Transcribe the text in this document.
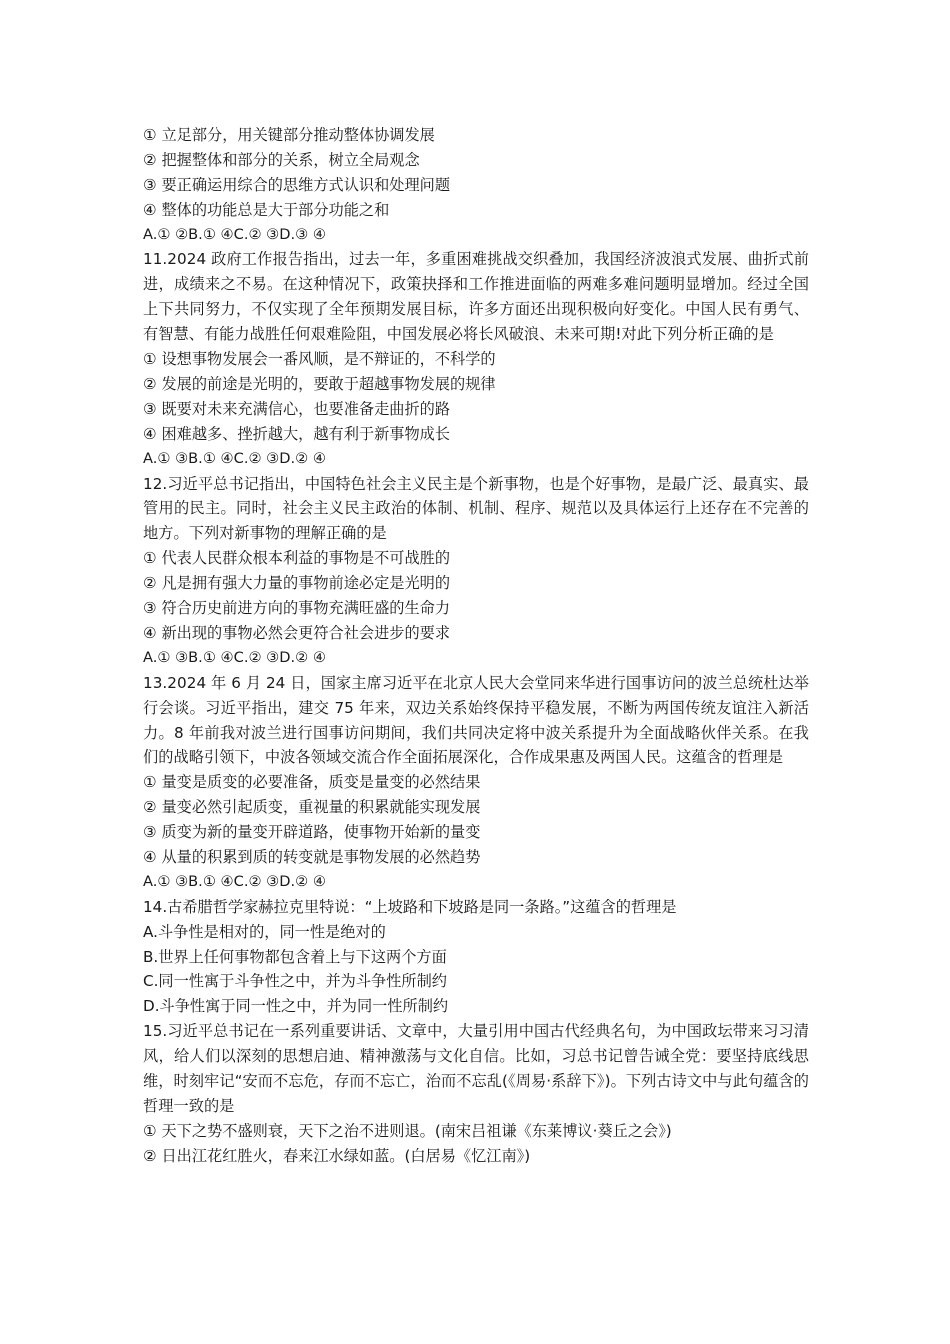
① 立足部分，用关键部分推动整体协调发展
② 把握整体和部分的关系，树立全局观念
③ 要正确运用综合的思维方式认识和处理问题
④ 整体的功能总是大于部分功能之和
A.① ②B.① ④C.② ③D.③ ④
11.2024 政府工作报告指出，过去一年，多重困难挑战交织叠加，我国经济波浪式发展、曲折式前进，成绩来之不易。在这种情况下，政策抉择和工作推进面临的两难多难问题明显增加。经过全国上下共同努力，不仅实现了全年预期发展目标，许多方面还出现积极向好变化。中国人民有勇气、有智慧、有能力战胜任何艰难险阻，中国发展必将长风破浪、未来可期!对此下列分析正确的是
① 设想事物发展会一番风顺，是不辩证的，不科学的
② 发展的前途是光明的，要敢于超越事物发展的规律
③ 既要对未来充满信心，也要准备走曲折的路
④ 困难越多、挫折越大，越有利于新事物成长
A.① ③B.① ④C.② ③D.② ④
12.习近平总书记指出，中国特色社会主义民主是个新事物，也是个好事物，是最广泛、最真实、最管用的民主。同时，社会主义民主政治的体制、机制、程序、规范以及具体运行上还存在不完善的地方。下列对新事物的理解正确的是
① 代表人民群众根本利益的事物是不可战胜的
② 凡是拥有强大力量的事物前途必定是光明的
③ 符合历史前进方向的事物充满旺盛的生命力
④ 新出现的事物必然会更符合社会进步的要求
A.① ③B.① ④C.② ③D.② ④
13.2024 年 6 月 24 日，国家主席习近平在北京人民大会堂同来华进行国事访问的波兰总统杜达举行会谈。习近平指出，建交 75 年来，双边关系始终保持平稳发展，不断为两国传统友谊注入新活力。8 年前我对波兰进行国事访问期间，我们共同决定将中波关系提升为全面战略伙伴关系。在我们的战略引领下，中波各领域交流合作全面拓展深化，合作成果惠及两国人民。这蕴含的哲理是
① 量变是质变的必要准备，质变是量变的必然结果
② 量变必然引起质变，重视量的积累就能实现发展
③ 质变为新的量变开辟道路，使事物开始新的量变
④ 从量的积累到质的转变就是事物发展的必然趋势
A.① ③B.① ④C.② ③D.② ④
14.古希腊哲学家赫拉克里特说：“上坡路和下坡路是同一条路。”这蕴含的哲理是
A.斗争性是相对的，同一性是绝对的
B.世界上任何事物都包含着上与下这两个方面
C.同一性寓于斗争性之中，并为斗争性所制约
D.斗争性寓于同一性之中，并为同一性所制约
15.习近平总书记在一系列重要讲话、文章中，大量引用中国古代经典名句，为中国政坛带来习习清风，给人们以深刻的思想启迪、精神激荡与文化自信。比如，习总书记曾告诫全党：要坚持底线思维，时刻牢记“安而不忘危，存而不忘亡，治而不忘乱(《周易·系辞下》)。下列古诗文中与此句蕴含的哲理一致的是
① 天下之势不盛则衰，天下之治不进则退。(南宋吕祖谦《东莱博议·葵丘之会》)
② 日出江花红胜火，春来江水绿如蓝。(白居易《忆江南》)
